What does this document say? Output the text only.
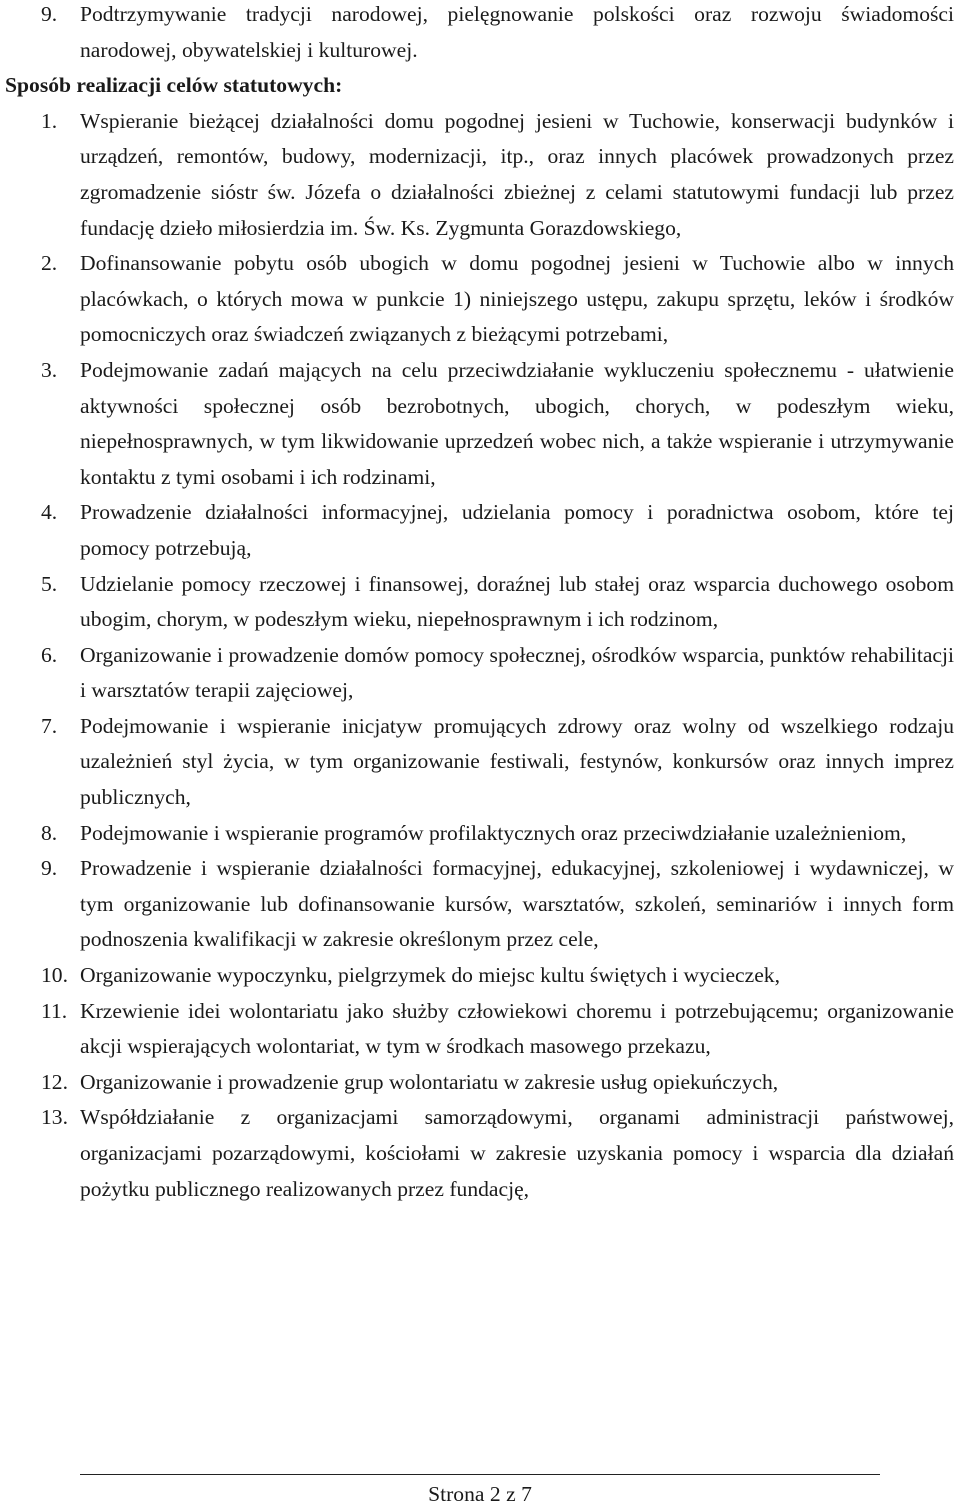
9. Podtrzymywanie tradycji narodowej, pielęgnowanie polskości oraz rozwoju świadomości narodowej, obywatelskiej i kulturowej.
Sposób realizacji celów statutowych:
1. Wspieranie bieżącej działalności domu pogodnej jesieni w Tuchowie, konserwacji budynków i urządzeń, remontów, budowy, modernizacji, itp., oraz innych placówek prowadzonych przez zgromadzenie sióstr św. Józefa o działalności zbieżnej z celami statutowymi fundacji lub przez fundację dzieło miłosierdzia im. Św. Ks. Zygmunta Gorazdowskiego,
2. Dofinansowanie pobytu osób ubogich w domu pogodnej jesieni w Tuchowie albo w innych placówkach, o których mowa w punkcie 1) niniejszego ustępu, zakupu sprzętu, leków i środków pomocniczych oraz świadczeń związanych z bieżącymi potrzebami,
3. Podejmowanie zadań mających na celu przeciwdziałanie wykluczeniu społecznemu - ułatwienie aktywności społecznej osób bezrobotnych, ubogich, chorych, w podeszłym wieku, niepełnosprawnych, w tym likwidowanie uprzedzeń wobec nich, a także wspieranie i utrzymywanie kontaktu z tymi osobami i ich rodzinami,
4. Prowadzenie działalności informacyjnej, udzielania pomocy i poradnictwa osobom, które tej pomocy potrzebują,
5. Udzielanie pomocy rzeczowej i finansowej, doraźnej lub stałej oraz wsparcia duchowego osobom ubogim, chorym, w podeszłym wieku, niepełnosprawnym i ich rodzinom,
6. Organizowanie i prowadzenie domów pomocy społecznej, ośrodków wsparcia, punktów rehabilitacji i warsztatów terapii zajęciowej,
7. Podejmowanie i wspieranie inicjatyw promujących zdrowy oraz wolny od wszelkiego rodzaju uzależnień styl życia, w tym organizowanie festiwali, festynów, konkursów oraz innych imprez publicznych,
8. Podejmowanie i wspieranie programów profilaktycznych oraz przeciwdziałanie uzależnieniom,
9. Prowadzenie i wspieranie działalności formacyjnej, edukacyjnej, szkoleniowej i wydawniczej, w tym organizowanie lub dofinansowanie kursów, warsztatów, szkoleń, seminariów i innych form podnoszenia kwalifikacji w zakresie określonym przez cele,
10. Organizowanie wypoczynku, pielgrzymek do miejsc kultu świętych i wycieczek,
11. Krzewienie idei wolontariatu jako służby człowiekowi choremu i potrzebującemu; organizowanie akcji wspierających wolontariat, w tym w środkach masowego przekazu,
12. Organizowanie i prowadzenie grup wolontariatu w zakresie usług opiekuńczych,
13. Współdziałanie z organizacjami samorządowymi, organami administracji państwowej, organizacjami pozarządowymi, kościołami w zakresie uzyskania pomocy i wsparcia dla działań pożytku publicznego realizowanych przez fundację,
Strona 2 z 7
